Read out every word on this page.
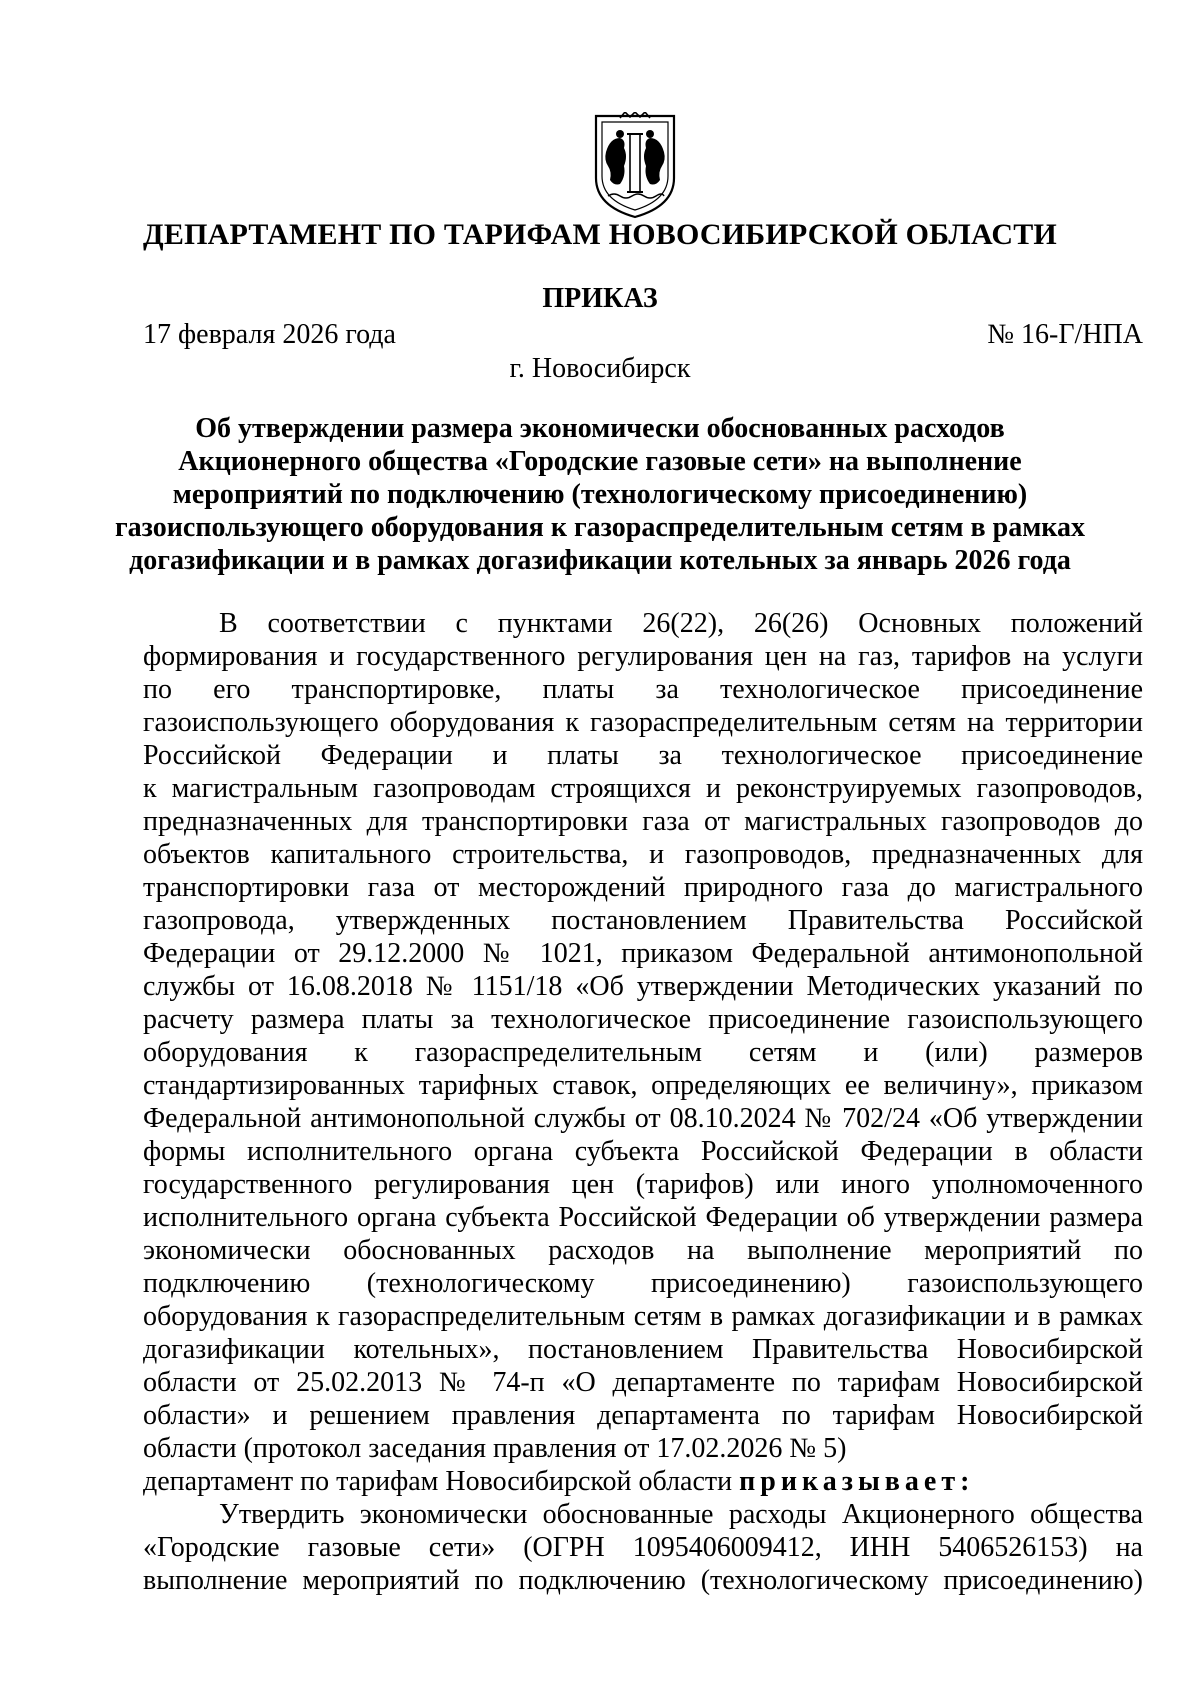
ДЕПАРТАМЕНТ ПО ТАРИФАМ НОВОСИБИРСКОЙ ОБЛАСТИ
ПРИКАЗ
17 февраля 2026 года	№ 16-Г/НПА
г. Новосибирск
Об утверждении размера экономически обоснованных расходов
Акционерного общества «Городские газовые сети» на выполнение
мероприятий по подключению (технологическому присоединению)
газоиспользующего оборудования к газораспределительным сетям в рамках
догазификации и в рамках догазификации котельных за январь 2026 года
В соответствии с пунктами 26(22), 26(26) Основных положений
формирования и государственного регулирования цен на газ, тарифов на услуги
по его транспортировке, платы за технологическое присоединение
газоиспользующего оборудования к газораспределительным сетям на территории
Российской Федерации и платы за технологическое присоединение
к магистральным газопроводам строящихся и реконструируемых газопроводов,
предназначенных для транспортировки газа от магистральных газопроводов до
объектов капитального строительства, и газопроводов, предназначенных для
транспортировки газа от месторождений природного газа до магистрального
газопровода, утвержденных постановлением Правительства Российской
Федерации от 29.12.2000 № 1021, приказом Федеральной антимонопольной
службы от 16.08.2018 № 1151/18 «Об утверждении Методических указаний по
расчету размера платы за технологическое присоединение газоиспользующего
оборудования к газораспределительным сетям и (или) размеров
стандартизированных тарифных ставок, определяющих ее величину», приказом
Федеральной антимонопольной службы от 08.10.2024 № 702/24 «Об утверждении
формы исполнительного органа субъекта Российской Федерации в области
государственного регулирования цен (тарифов) или иного уполномоченного
исполнительного органа субъекта Российской Федерации об утверждении размера
экономически обоснованных расходов на выполнение мероприятий по
подключению (технологическому присоединению) газоиспользующего
оборудования к газораспределительным сетям в рамках догазификации и в рамках
догазификации котельных», постановлением Правительства Новосибирской
области от 25.02.2013 № 74-п «О департаменте по тарифам Новосибирской
области» и решением правления департамента по тарифам Новосибирской
области (протокол заседания правления от 17.02.2026 № 5)
департамент по тарифам Новосибирской области приказывает:
Утвердить экономически обоснованные расходы Акционерного общества
«Городские газовые сети» (ОГРН 1095406009412, ИНН 5406526153) на
выполнение мероприятий по подключению (технологическому присоединению)
